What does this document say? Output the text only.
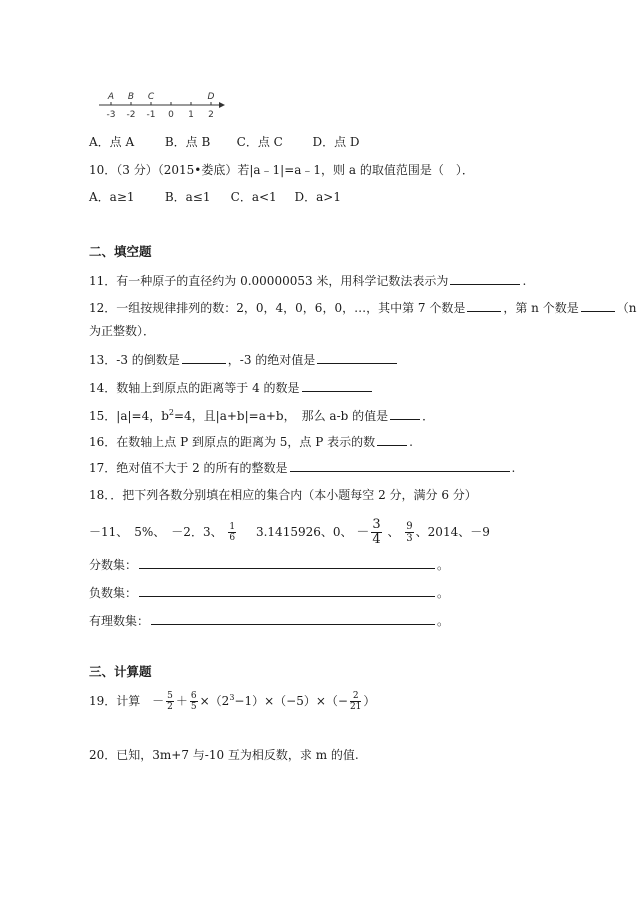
-3 -2 -1 0 1 2
A B C	D
A．点 A	B．点 B C．点 C D．点 D
10．（3 分）（2015•娄底）若|a﹣1|=a﹣1，则 a 的取值范围是（　）．
A．a≥1	B．a≤1 C．a<1 D．a>1
二、填空题
11．有一种原子的直径约为 0.00000053 米，用科学记数法表示为	.
12．一组按规律排列的数：2，0，4，0，6，0，…，其中第 7 个数是	，第 n 个数是	（n
为正整数）．
13．-3 的倒数是	，-3 的绝对值是
14．数轴上到原点的距离等于 4 的数是
15．|a|=4，$b^2=4$，且|a+b|=a+b，　那么 a-b 的值是	．
16．在数轴上点 P 到原点的距离为 5，点 P 表示的数	.
17．绝对值不大于 2 的所有的整数是	.
18．．把下列各数分别填在相应的集合内（本小题每空 2 分，满分 6 分）
－11、　5%、　－2．3、 $\frac{1}{6} 3.1415926$、0、 － $\frac{3}{4}$ 、 $\frac{9}{3}$ 、2014、－9
分数集：	。
负数集：	。
有理数集：	。
三、计算题
19．计算 － $\frac{5}{2} + \frac{6}{5} \times(2^3-1)\times(-5)\times(- \frac{2}{21}$ ）
20．已知，3m+7 与-10 互为相反数，求 m 的值.
